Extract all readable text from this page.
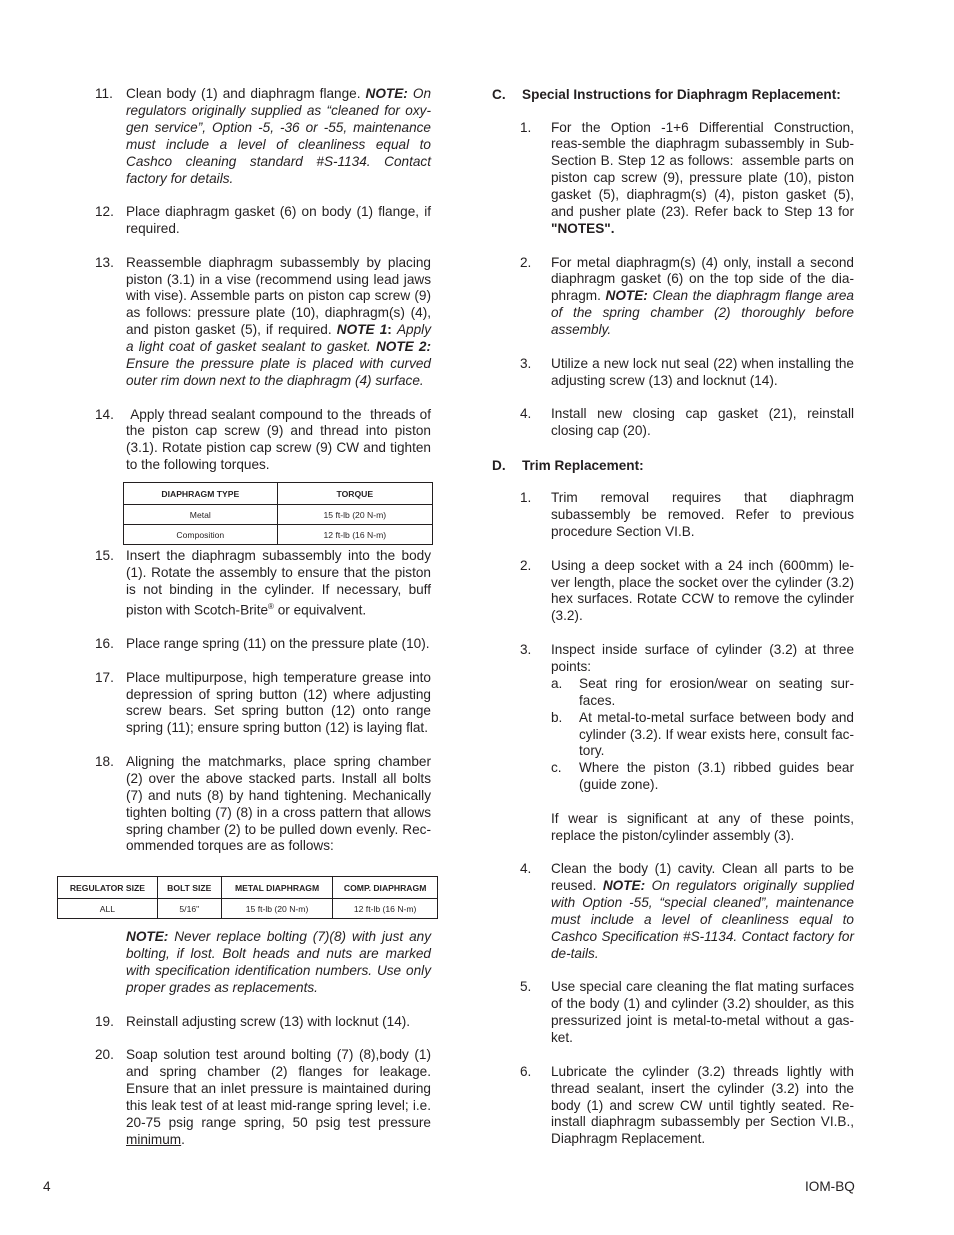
11. Clean body (1) and diaphragm flange. NOTE: On regulators originally supplied as “cleaned for oxy-gen service”, Option -5, -36 or -55, maintenance must include a level of cleanliness equal to Cashco cleaning standard #S-1134. Contact factory for details.

12. Place diaphragm gasket (6) on body (1) flange, if required.

13. Reassemble diaphragm subassembly by placing piston (3.1) in a vise (recommend using lead jaws with vise). Assemble parts on piston cap screw (9) as follows: pressure plate (10), diaphragm(s) (4), and piston gasket (5), if required. NOTE 1: Apply a light coat of gasket sealant to gasket. NOTE 2: Ensure the pressure plate is placed with curved outer rim down next to the diaphragm (4) surface.

14. Apply thread sealant compound to the  threads of the piston cap screw (9) and thread into piston (3.1). Rotate pistion cap screw (9) CW and tighten to the following torques.

15. Insert the diaphragm subassembly into the body (1). Rotate the assembly to ensure that the piston is not binding in the cylinder. If necessary, buff piston with Scotch-Brite® or equivalvent.

16. Place range spring (11) on the pressure plate (10).

17. Place multipurpose, high temperature grease into depression of spring button (12) where adjusting screw bears. Set spring button (12) onto range spring (11); ensure spring button (12) is laying flat.

18. Aligning the matchmarks, place spring chamber (2) over the above stacked parts. Install all bolts (7) and nuts (8) by hand tightening. Mechanically tighten bolting (7) (8) in a cross pattern that allows spring chamber (2) to be pulled down evenly. Rec-ommended torques are as follows:

NOTE: Never replace bolting (7)(8) with just any bolting, if lost. Bolt heads and nuts are marked with specification identification numbers. Use only proper grades as replacements.

19. Reinstall adjusting screw (13) with locknut (14).

20. Soap solution test around bolting (7) (8),body (1) and spring chamber (2) flanges for leakage. Ensure that an inlet pressure is maintained during this leak test of at least mid-range spring level; i.e. 20-75 psig range spring, 50 psig test pressure minimum.

DIAPHRAGM TYPE	TORQUE
Metal	15 ft-lb (20 N-m)
Composition	12 ft-lb (16 N-m)
REGULATOR SIZE	BOLT SIZE	METAL DIAPHRAGM	COMP. DIAPHRAGM
ALL	5/16"	15 ft-lb (20 N-m)	12 ft-lb (16 N-m)
C. Special Instructions for Diaphragm Replacement:
1. For the Option -1+6 Differential Construction, reas-semble the diaphragm subassembly in Sub-Section B. Step 12 as follows:  assemble parts on piston cap screw (9), pressure plate (10), piston gasket (5), diaphragm(s) (4), piston gasket (5), and pusher plate (23). Refer back to Step 13 for "NOTES".

2. For metal diaphragm(s) (4) only, install a second diaphragm gasket (6) on the top side of the dia-phragm. NOTE: Clean the diaphragm flange area of the spring chamber (2) thoroughly before assembly.

3. Utilize a new lock nut seal (22) when installing the adjusting screw (13) and locknut (14).

4. Install new closing cap gasket (21), reinstall closing cap (20).

D. Trim Replacement:
1. Trim removal requires that diaphragm subassembly be removed. Refer to previous procedure Section VI.B.

2. Using a deep socket with a 24 inch (600mm) le-ver length, place the socket over the cylinder (3.2) hex surfaces. Rotate CCW to remove the cylinder (3.2).

3. Inspect inside surface of cylinder (3.2) at three points:

a. Seat ring for erosion/wear on seating sur-faces.
b. At metal-to-metal surface between body and cylinder (3.2). If wear exists here, consult fac-tory.
c. Where the piston (3.1) ribbed guides bear (guide zone).

If wear is significant at any of these points, replace the piston/cylinder assembly (3).

4. Clean the body (1) cavity. Clean all parts to be reused. NOTE: On regulators originally supplied with Option -55, “special cleaned”, maintenance must include a level of cleanliness equal to Cashco Specification #S-1134. Contact factory for de-tails.

5. Use special care cleaning the flat mating surfaces of the body (1) and cylinder (3.2) shoulder, as this pressurized joint is metal-to-metal without a gas-ket.

6. Lubricate the cylinder (3.2) threads lightly with thread sealant, insert the cylinder (3.2) into the body (1) and screw CW until tightly seated. Re-install diaphragm subassembly per Section VI.B., Diaphragm Replacement.

4	IOM-BQ
